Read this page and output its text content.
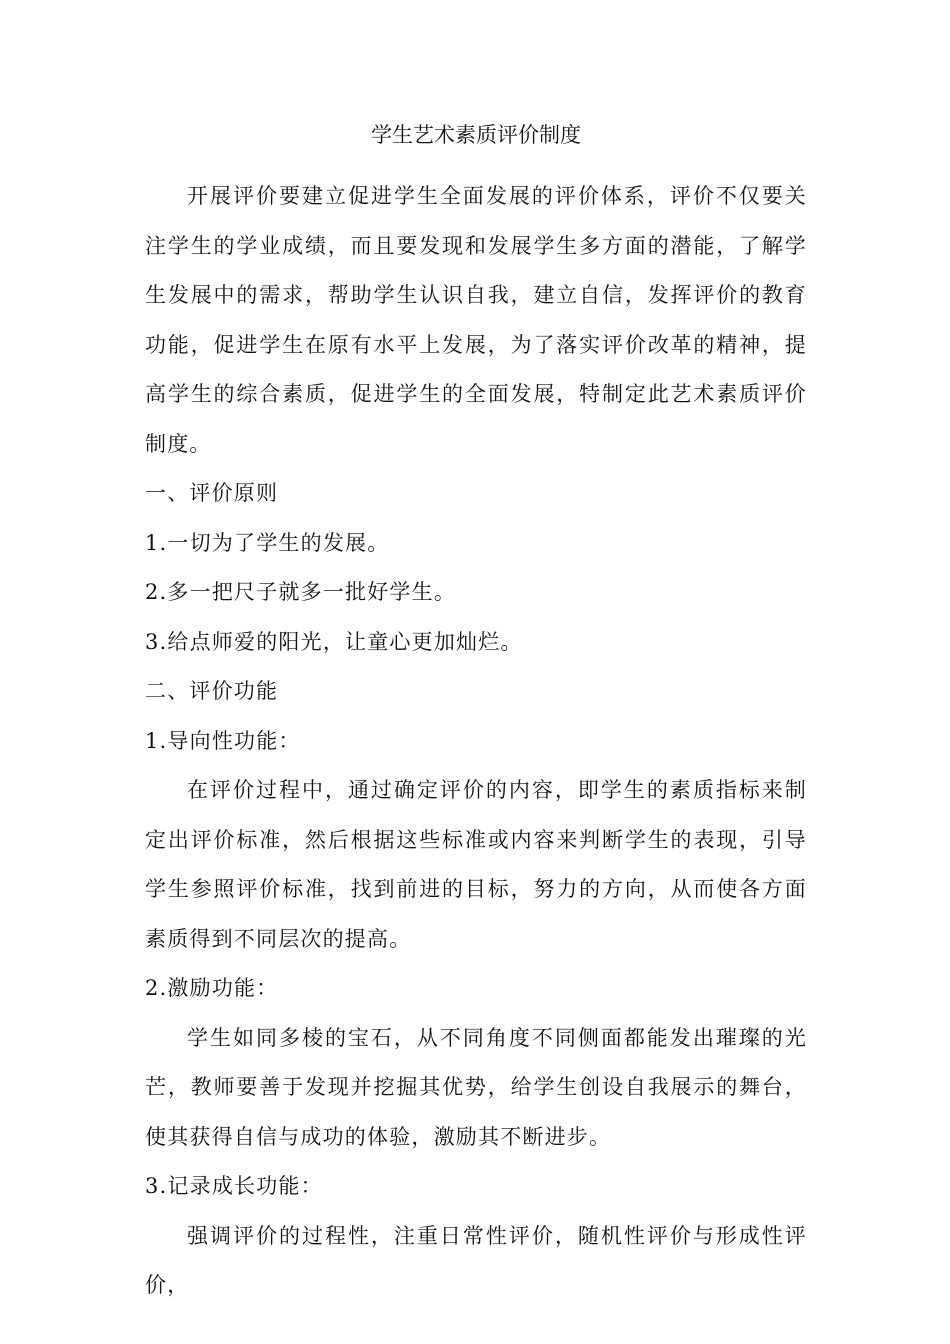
学生艺术素质评价制度

开展评价要建立促进学生全面发展的评价体系，评价不仅要关注学生的学业成绩，而且要发现和发展学生多方面的潜能，了解学生发展中的需求，帮助学生认识自我，建立自信，发挥评价的教育功能，促进学生在原有水平上发展，为了落实评价改革的精神，提高学生的综合素质，促进学生的全面发展，特制定此艺术素质评价制度。

一、评价原则

1.一切为了学生的发展。

2.多一把尺子就多一批好学生。

3.给点师爱的阳光，让童心更加灿烂。

二、评价功能

1.导向性功能：

在评价过程中，通过确定评价的内容，即学生的素质指标来制定出评价标准，然后根据这些标准或内容来判断学生的表现，引导学生参照评价标准，找到前进的目标，努力的方向，从而使各方面素质得到不同层次的提高。

2.激励功能：

学生如同多棱的宝石，从不同角度不同侧面都能发出璀璨的光芒，教师要善于发现并挖掘其优势，给学生创设自我展示的舞台，使其获得自信与成功的体验，激励其不断进步。

3.记录成长功能：

强调评价的过程性，注重日常性评价，随机性评价与形成性评价，
